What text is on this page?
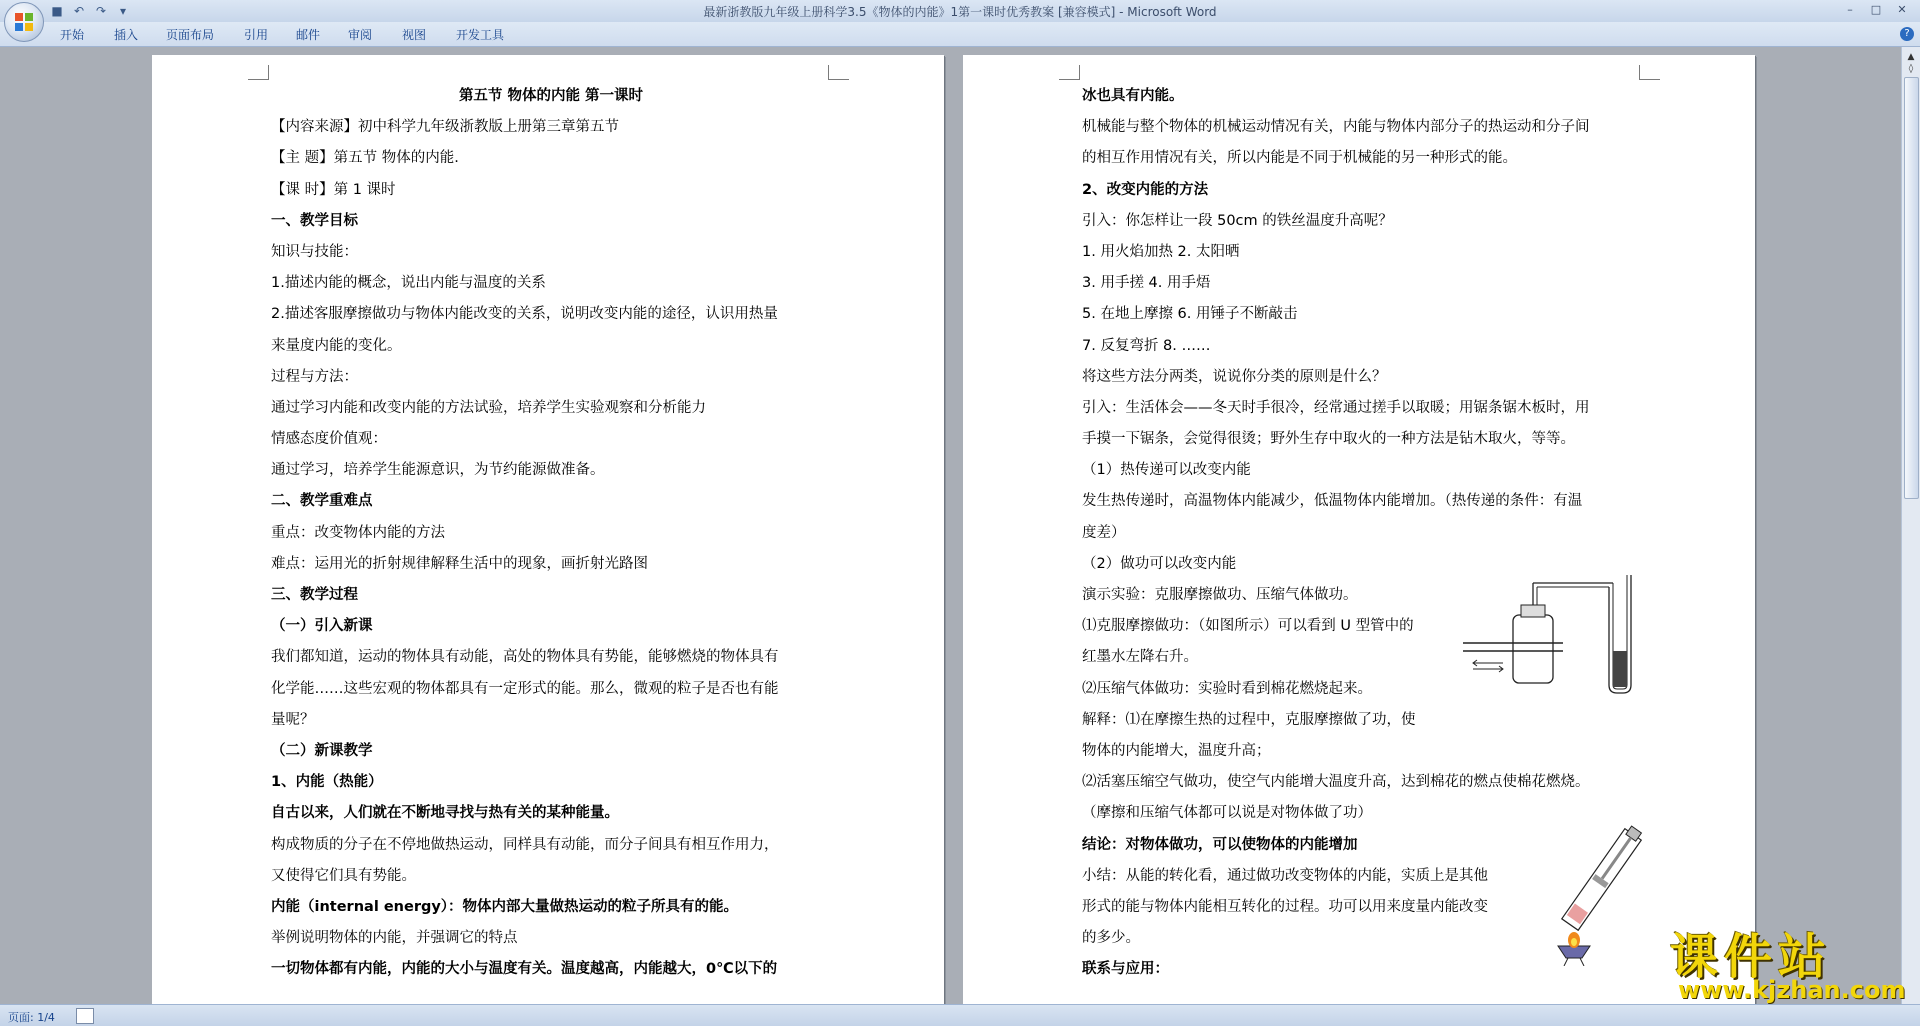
■ ↶ ↷	▾	最新浙教版九年级上册科学3.5《物体的内能》1第一课时优秀教案 [兼容模式] - Microsoft Word	–	□	✕
开始 插入 页面布局 引用 邮件 审阅 视图 开发工具	?
第五节 物体的内能 第一课时
【内容来源】初中科学九年级浙教版上册第三章第五节
【主 题】第五节 物体的内能.
【课 时】第 1 课时
一、教学目标
知识与技能：
1.描述内能的概念，说出内能与温度的关系
2.描述客服摩擦做功与物体内能改变的关系，说明改变内能的途径，认识用热量
来量度内能的变化。
过程与方法：
通过学习内能和改变内能的方法试验，培养学生实验观察和分析能力
情感态度价值观：
通过学习，培养学生能源意识，为节约能源做准备。
二、教学重难点
重点：改变物体内能的方法
难点：运用光的折射规律解释生活中的现象，画折射光路图
三、教学过程
（一）引入新课
我们都知道，运动的物体具有动能，高处的物体具有势能，能够燃烧的物体具有
化学能……这些宏观的物体都具有一定形式的能。那么，微观的粒子是否也有能
量呢？
（二）新课教学
1、内能（热能）
自古以来，人们就在不断地寻找与热有关的某种能量。
构成物质的分子在不停地做热运动，同样具有动能，而分子间具有相互作用力，
又使得它们具有势能。
内能（internal energy）：物体内部大量做热运动的粒子所具有的能。
举例说明物体的内能，并强调它的特点
一切物体都有内能，内能的大小与温度有关。温度越高，内能越大，0℃以下的
冰也具有内能。
机械能与整个物体的机械运动情况有关，内能与物体内部分子的热运动和分子间
的相互作用情况有关，所以内能是不同于机械能的另一种形式的能。
2、改变内能的方法
引入：你怎样让一段 50cm 的铁丝温度升高呢？
1. 用火焰加热 2. 太阳晒
3. 用手搓 4. 用手焐
5. 在地上摩擦 6. 用锤子不断敲击
7. 反复弯折 8. ……
将这些方法分两类，说说你分类的原则是什么？
引入：生活体会——冬天时手很冷，经常通过搓手以取暖；用锯条锯木板时，用
手摸一下锯条，会觉得很烫；野外生存中取火的一种方法是钻木取火，等等。
（1）热传递可以改变内能
发生热传递时，高温物体内能减少，低温物体内能增加。（热传递的条件：有温
度差）
（2）做功可以改变内能
演示实验：克服摩擦做功、压缩气体做功。
⑴克服摩擦做功：（如图所示）可以看到 U 型管中的
红墨水左降右升。
⑵压缩气体做功：实验时看到棉花燃烧起来。
解释：⑴在摩擦生热的过程中，克服摩擦做了功，使
物体的内能增大，温度升高；
⑵活塞压缩空气做功，使空气内能增大温度升高，达到棉花的燃点使棉花燃烧。
（摩擦和压缩气体都可以说是对物体做了功）
结论：对物体做功，可以使物体的内能增加
小结：从能的转化看，通过做功改变物体的内能，实质上是其他
形式的能与物体内能相互转化的过程。功可以用来度量内能改变
的多少。
联系与应用：
▲
◊
页面: 1/4
课件站
www.kjzhan.com
